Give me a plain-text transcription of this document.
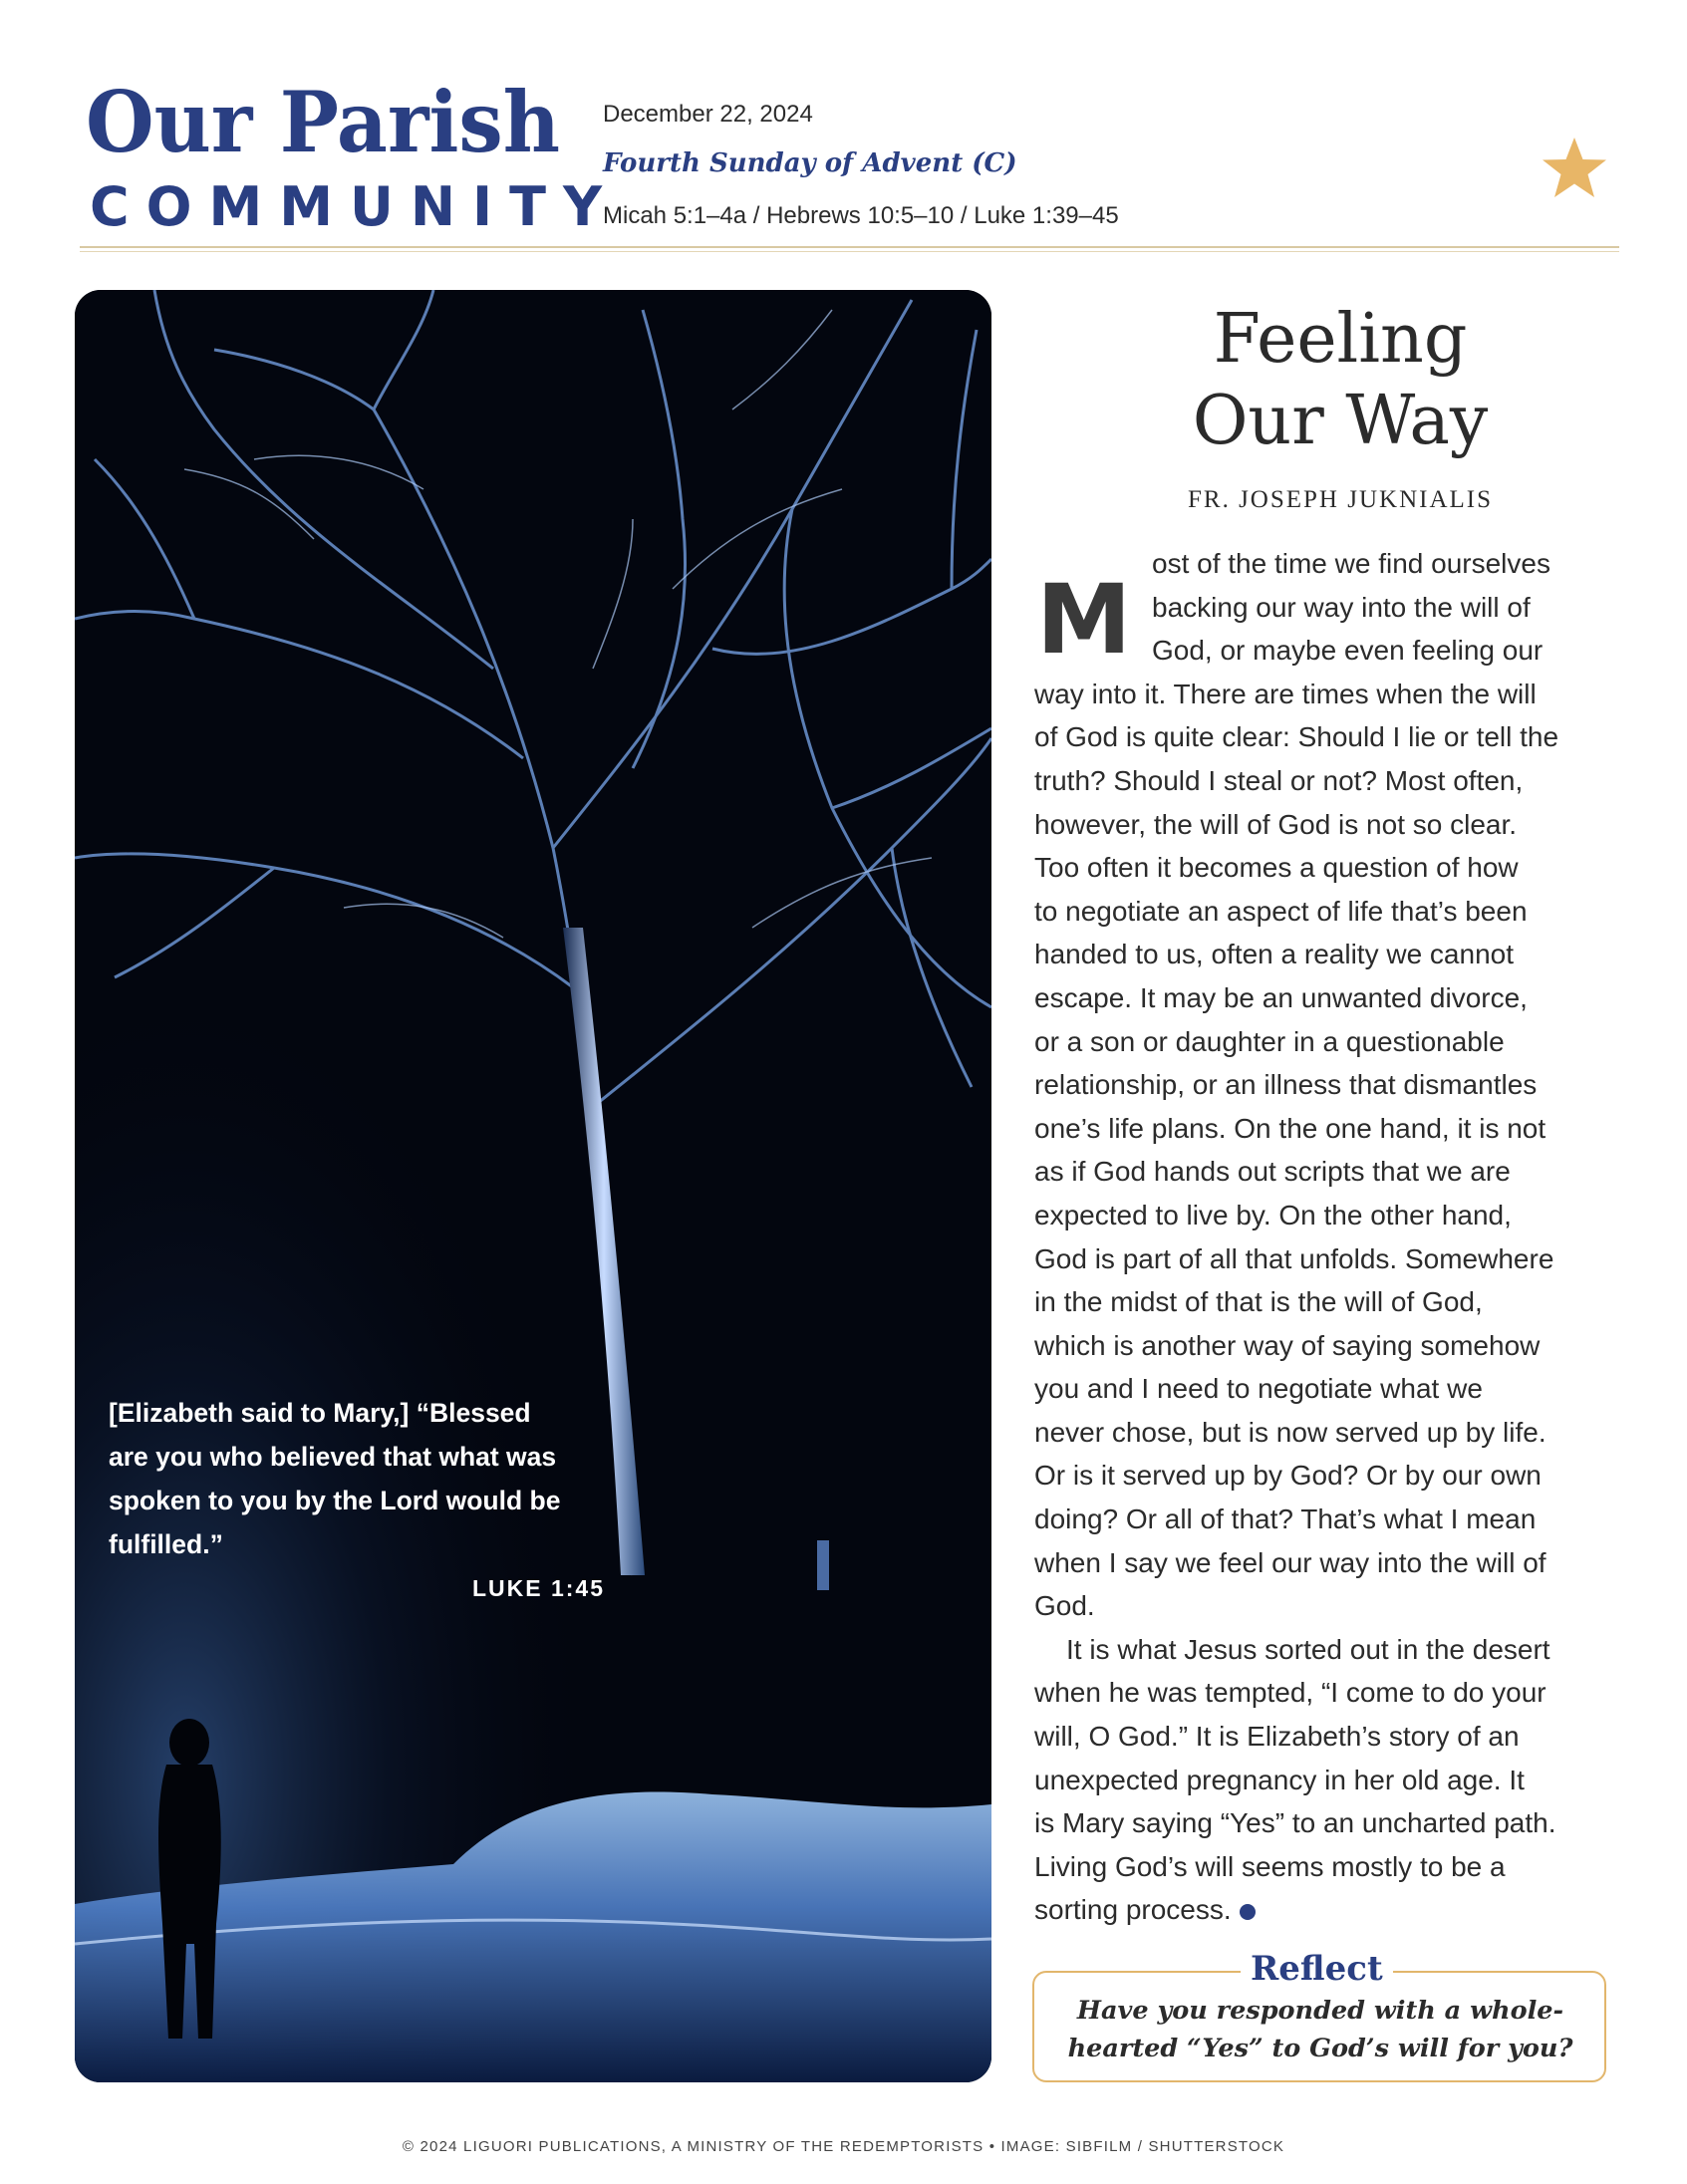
Our Parish
COMMUNITY
December 22, 2024
Fourth Sunday of Advent (C)
Micah 5:1–4a / Hebrews 10:5–10 / Luke 1:39–45
[Elizabeth said to Mary,] “Blessed
are you who believed that what was
spoken to you by the Lord would be
fulfilled.”
LUKE 1:45
Feeling
Our Way
FR. JOSEPH JUKNIALIS
M
ost of the time we find ourselves
backing our way into the will of
God, or maybe even feeling our
way into it. There are times when the will
of God is quite clear: Should I lie or tell the
truth? Should I steal or not? Most often,
however, the will of God is not so clear.
Too often it becomes a question of how
to negotiate an aspect of life that’s been
handed to us, often a reality we cannot
escape. It may be an unwanted divorce,
or a son or daughter in a questionable
relationship, or an illness that dismantles
one’s life plans. On the one hand, it is not
as if God hands out scripts that we are
expected to live by. On the other hand,
God is part of all that unfolds. Somewhere
in the midst of that is the will of God,
which is another way of saying somehow
you and I need to negotiate what we
never chose, but is now served up by life.
Or is it served up by God? Or by our own
doing? Or all of that? That’s what I mean
when I say we feel our way into the will of
God.
It is what Jesus sorted out in the desert
when he was tempted, “I come to do your
will, O God.” It is Elizabeth’s story of an
unexpected pregnancy in her old age. It
is Mary saying “Yes” to an uncharted path.
Living God’s will seems mostly to be a
sorting process.
Reflect
Have you responded with a whole-
hearted “Yes” to God’s will for you?
© 2024 LIGUORI PUBLICATIONS, A MINISTRY OF THE REDEMPTORISTS • IMAGE: SIBFILM / SHUTTERSTOCK
